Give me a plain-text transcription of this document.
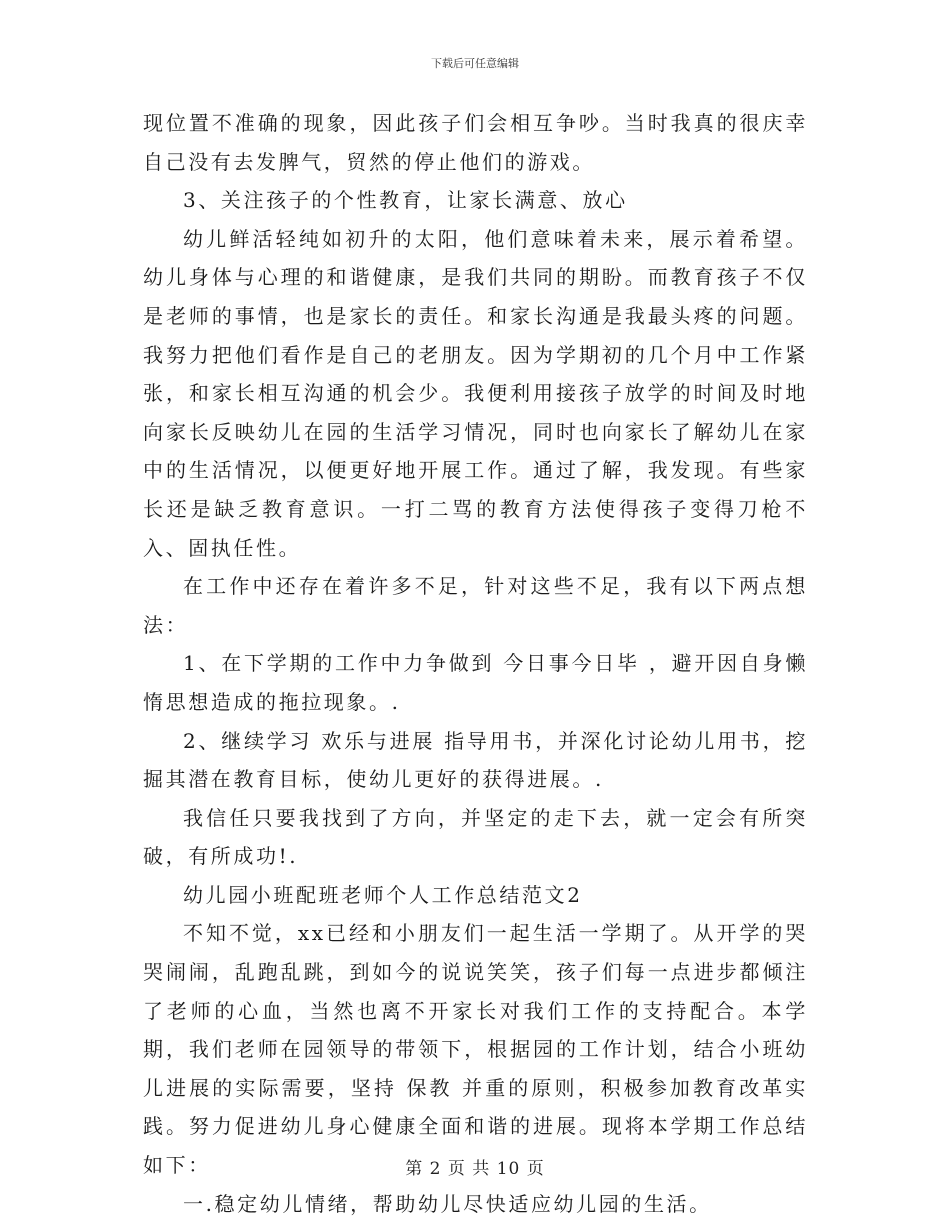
下载后可任意编辑

现位置不准确的现象，因此孩子们会相互争吵。当时我真的很庆幸自己没有去发脾气，贸然的停止他们的游戏。

3、关注孩子的个性教育，让家长满意、放心

幼儿鲜活轻纯如初升的太阳，他们意味着未来，展示着希望。幼儿身体与心理的和谐健康，是我们共同的期盼。而教育孩子不仅是老师的事情，也是家长的责任。和家长沟通是我最头疼的问题。我努力把他们看作是自己的老朋友。因为学期初的几个月中工作紧张，和家长相互沟通的机会少。我便利用接孩子放学的时间及时地向家长反映幼儿在园的生活学习情况，同时也向家长了解幼儿在家中的生活情况，以便更好地开展工作。通过了解，我发现。有些家长还是缺乏教育意识。一打二骂的教育方法使得孩子变得刀枪不入、固执任性。

在工作中还存在着许多不足，针对这些不足，我有以下两点想法：

1、在下学期的工作中力争做到 今日事今日毕 ，避开因自身懒惰思想造成的拖拉现象。.

2、继续学习 欢乐与进展 指导用书，并深化讨论幼儿用书，挖掘其潜在教育目标，使幼儿更好的获得进展。.

我信任只要我找到了方向，并坚定的走下去，就一定会有所突破，有所成功!.

幼儿园小班配班老师个人工作总结范文2

不知不觉，xx已经和小朋友们一起生活一学期了。从开学的哭哭闹闹，乱跑乱跳，到如今的说说笑笑，孩子们每一点进步都倾注了老师的心血，当然也离不开家长对我们工作的支持配合。本学期，我们老师在园领导的带领下，根据园的工作计划，结合小班幼儿进展的实际需要，坚持 保教 并重的原则，积极参加教育改革实践。努力促进幼儿身心健康全面和谐的进展。现将本学期工作总结如下：

一.稳定幼儿情绪，帮助幼儿尽快适应幼儿园的生活。

第 2 页 共 10 页
